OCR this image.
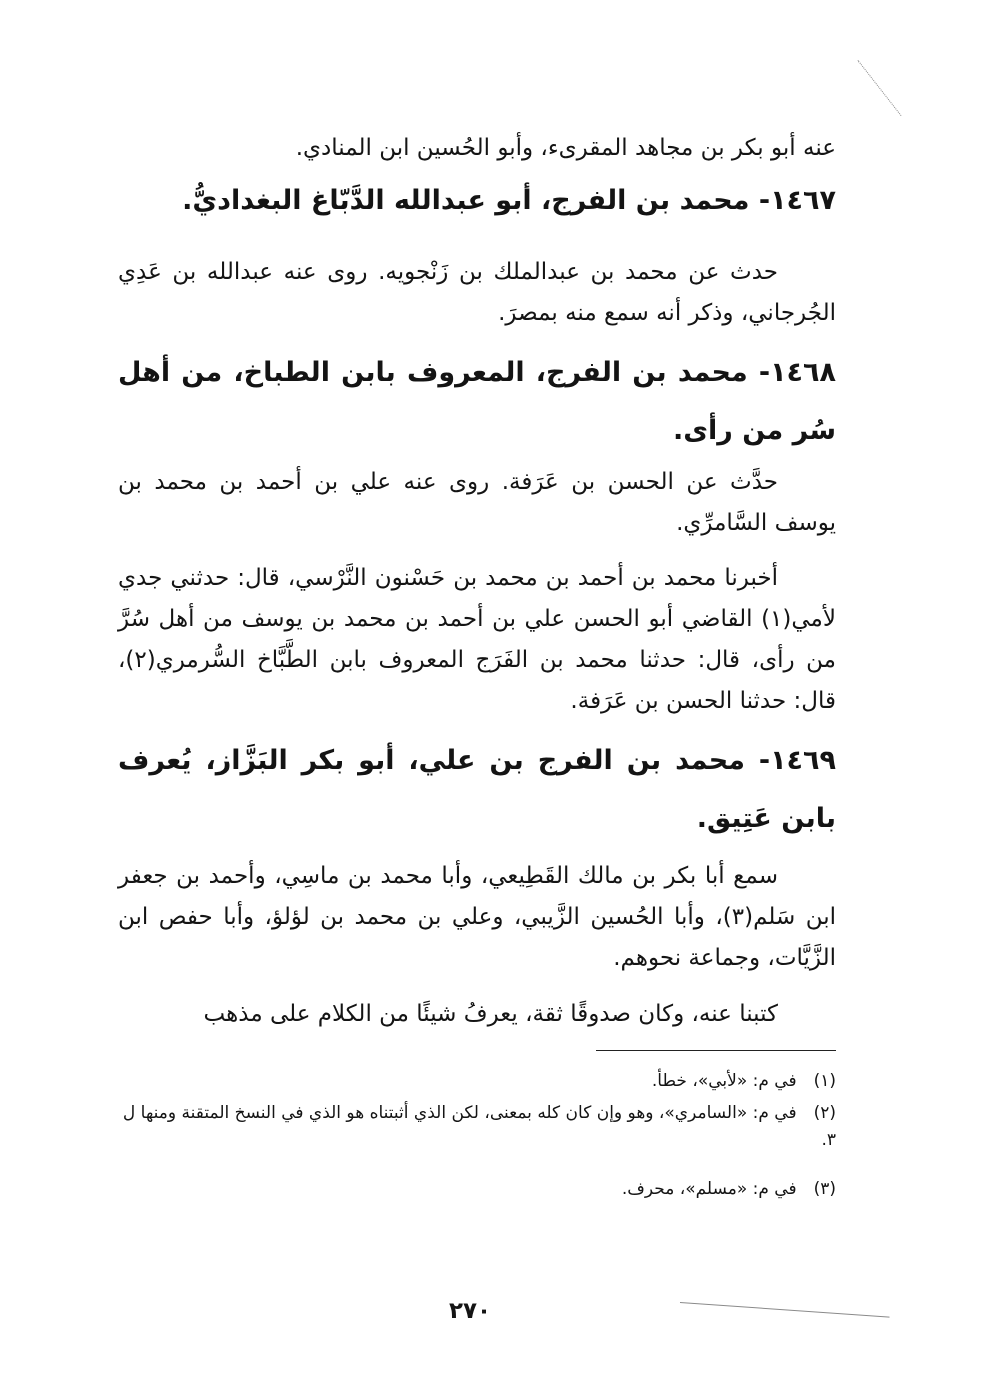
عنه أبو بكر بن مجاهد المقرىء، وأبو الحُسين ابن المنادي.
١٤٦٧- محمد بن الفرج، أبو عبدالله الدَّبّاغ البغداديُّ.
حدث عن محمد بن عبدالملك بن زَنْجويه. روى عنه عبدالله بن عَدِي الجُرجاني، وذكر أنه سمع منه بمصرَ.
١٤٦٨- محمد بن الفرج، المعروف بابن الطباخ، من أهل سُر من رأى.
حدَّث عن الحسن بن عَرَفة. روى عنه علي بن أحمد بن محمد بن يوسف السَّامرِّي.
أخبرنا محمد بن أحمد بن محمد بن حَسْنون النَّرْسي، قال: حدثني جدي لأمي(١) القاضي أبو الحسن علي بن أحمد بن محمد بن يوسف من أهل سُرَّ من رأى، قال: حدثنا محمد بن الفَرَج المعروف بابن الطَّبَّاخ السُّرمري(٢)، قال: حدثنا الحسن بن عَرَفة.
١٤٦٩- محمد بن الفرج بن علي، أبو بكر البَزَّاز، يُعرف بابن عَتِيق.
سمع أبا بكر بن مالك القَطِيعي، وأبا محمد بن ماسِي، وأحمد بن جعفر ابن سَلم(٣)، وأبا الحُسين الزَّيبي، وعلي بن محمد بن لؤلؤ، وأبا حفص ابن الزَّيَّات، وجماعة نحوهم.
كتبنا عنه، وكان صدوقًا ثقة، يعرفُ شيئًا من الكلام على مذهب
(١) في م: «لأبي»، خطأ.
(٢) في م: «السامري»، وهو وإن كان كله بمعنى، لكن الذي أثبتناه هو الذي في النسخ المتقنة ومنها ل ٣.
(٣) في م: «مسلم»، محرف.
٢٧٠
